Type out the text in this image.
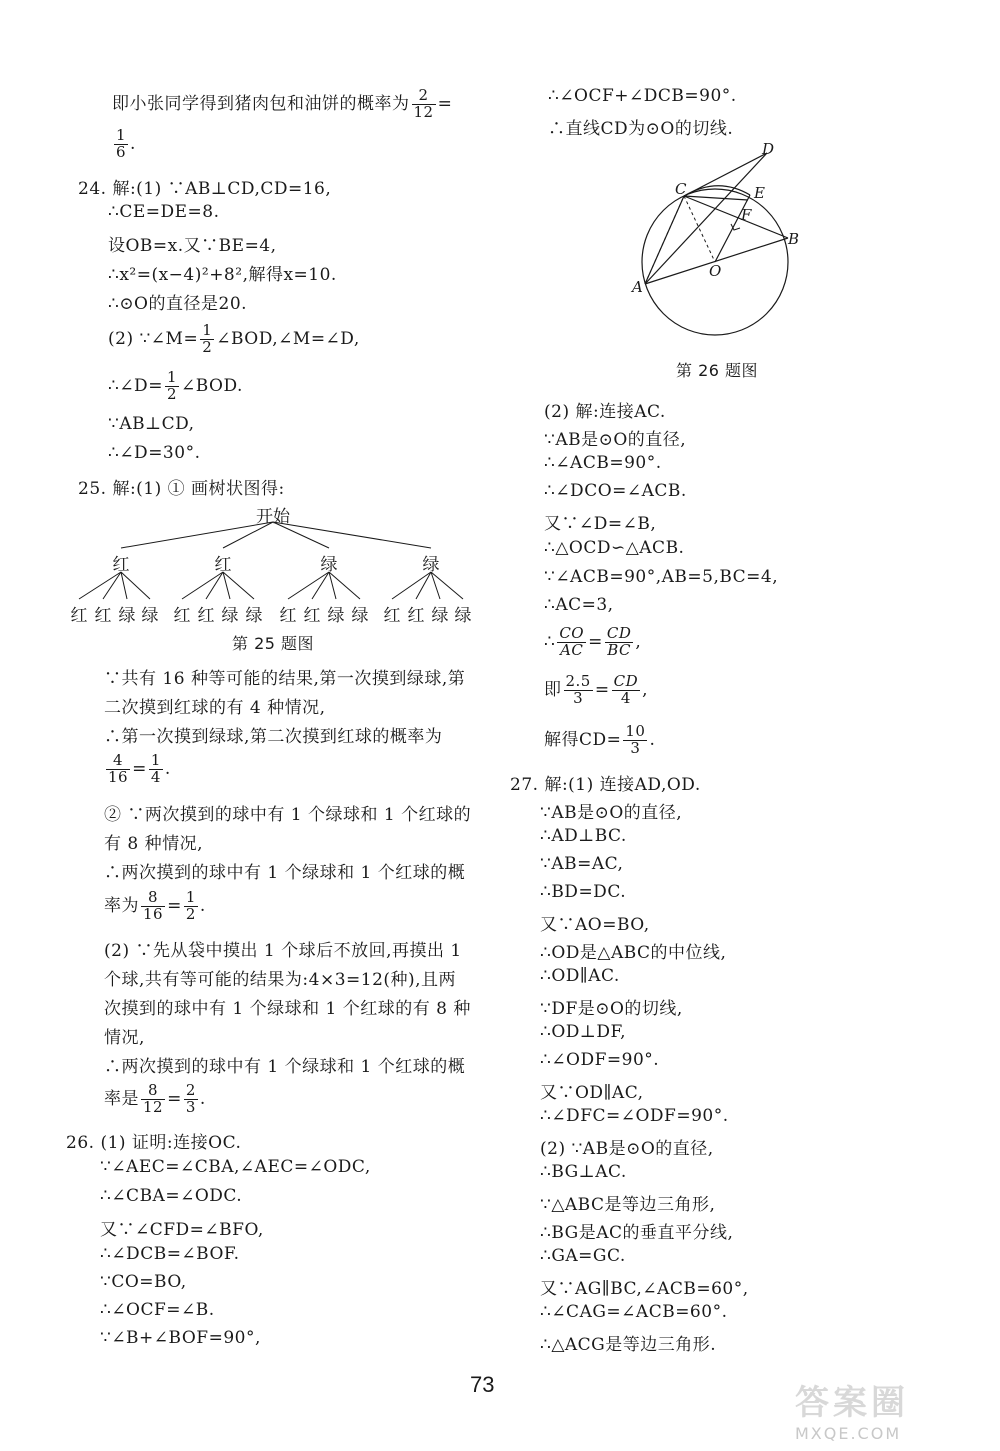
即小张同学得到猪肉包和油饼的概率为 $\frac{2}{12}$ =
$\frac{1}{6}$ .
24. 解:(1) ∵AB⊥CD,CD=16,
∴CE=DE=8.
设OB=x.又∵BE=4,
∴x²=(x−4)²+8²,解得x=10.
∴⊙O的直径是20.
(2) ∵∠M= $\frac{1}{2}$ ∠BOD,∠M=∠D,
∴∠D= $\frac{1}{2}$ ∠BOD.
∵AB⊥CD,
∴∠D=30°.
25. 解:(1) ① 画树状图得:
开始
红	红	绿	绿
红 红 绿 绿 红 红 绿 绿 红 红 绿 绿 红 红 绿 绿
第 25 题图
∵共有 16 种等可能的结果,第一次摸到绿球,第
二次摸到红球的有 4 种情况,
∴第一次摸到绿球,第二次摸到红球的概率为
$\frac{4}{16} = \frac{1}{4}$ .
② ∵两次摸到的球中有 1 个绿球和 1 个红球的
有 8 种情况,
∴两次摸到的球中有 1 个绿球和 1 个红球的概
率为 $\frac{8}{16} = \frac{1}{2}$ .
(2) ∵先从袋中摸出 1 个球后不放回,再摸出 1
个球,共有等可能的结果为:4×3=12(种),且两
次摸到的球中有 1 个绿球和 1 个红球的有 8 种
情况,
∴两次摸到的球中有 1 个绿球和 1 个红球的概
率是 $\frac{8}{12} = \frac{2}{3}$ .
26. (1) 证明:连接OC.
∵∠AEC=∠CBA,∠AEC=∠ODC,
∴∠CBA=∠ODC.
又∵∠CFD=∠BFO,
∴∠DCB=∠BOF.
∵CO=BO,
∴∠OCF=∠B.
∵∠B+∠BOF=90°,
∴∠OCF+∠DCB=90°.
∴直线CD为⊙O的切线.
D
C	E
F
B
O
A
第 26 题图
(2) 解:连接AC.
∵AB是⊙O的直径,
∴∠ACB=90°.
∴∠DCO=∠ACB.
又∵∠D=∠B,
∴△OCD∽△ACB.
∵∠ACB=90°,AB=5,BC=4,
∴AC=3,
∴ $\frac{CO}{AC} = \frac{CD}{BC}$ ,
即 $\frac{2.5}{3} = \frac{CD}{4}$ ,
解得$CD= \frac{10}{3}$ .
27. 解:(1) 连接AD,OD.
∵AB是⊙O的直径,
∴AD⊥BC.
∵AB=AC,
∴BD=DC.
又∵AO=BO,
∴OD是△ABC的中位线,
∴OD∥AC.
∵DF是⊙O的切线,
∴OD⊥DF,
∴∠ODF=90°.
又∵OD∥AC,
∴∠DFC=∠ODF=90°.
(2) ∵AB是⊙O的直径,
∴BG⊥AC.
∵△ABC是等边三角形,
∴BG是AC的垂直平分线,
∴GA=GC.
又∵AG∥BC,∠ACB=60°,
∴∠CAG=∠ACB=60°.
∴△ACG是等边三角形.
73	答案圈
MXQE.COM
